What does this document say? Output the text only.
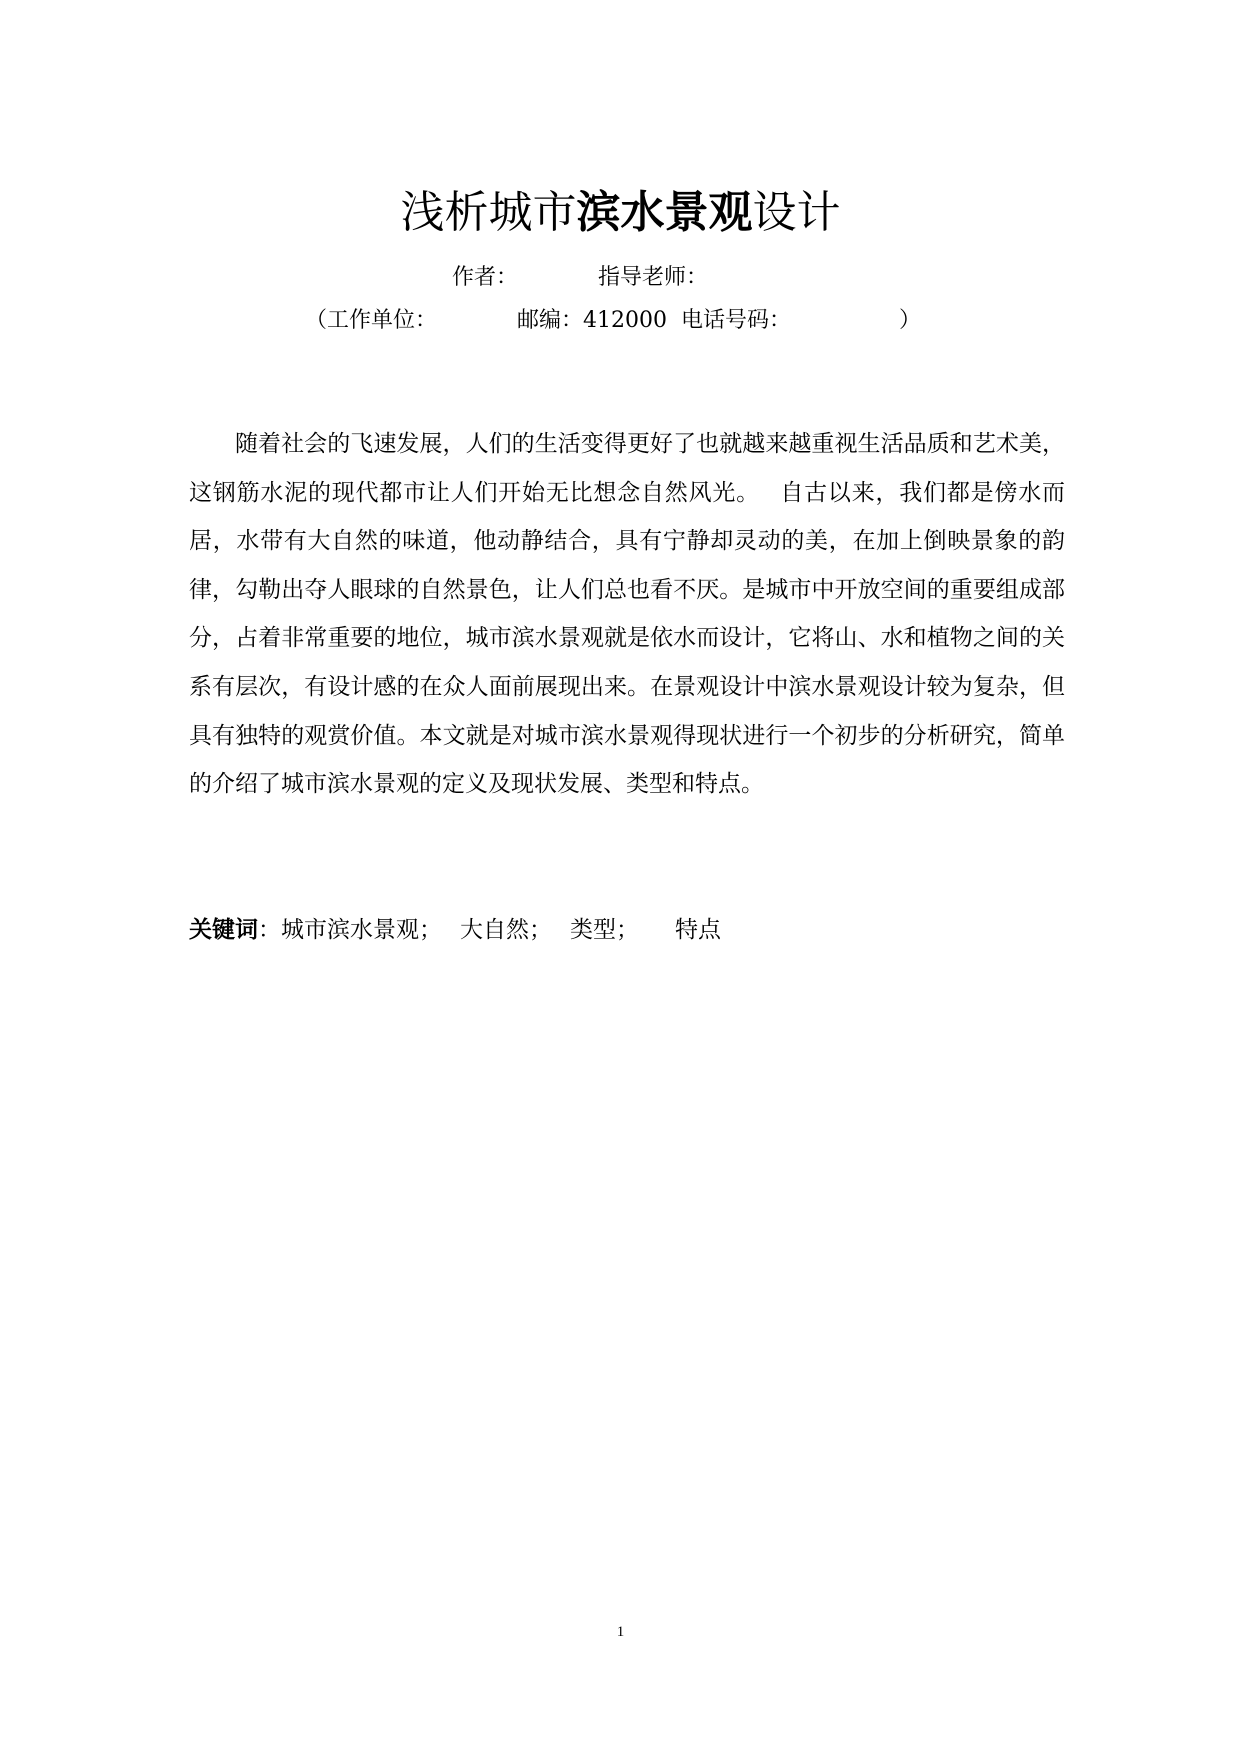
浅析城市滨水景观设计
作者：	指导老师：
（工作单位：	邮编：412000 电话号码：	）

随着社会的飞速发展，人们的生活变得更好了也就越来越重视生活品质和艺术美，这钢筋水泥的现代都市让人们开始无比想念自然风光。　 自古以来，我们都是傍水而居，水带有大自然的味道，他动静结合，具有宁静却灵动的美，在加上倒映景象的韵律，勾勒出夺人眼球的自然景色，让人们总也看不厌。是城市中开放空间的重要组成部分，占着非常重要的地位，城市滨水景观就是依水而设计，它将山、水和植物之间的关系有层次，有设计感的在众人面前展现出来。在景观设计中滨水景观设计较为复杂，但具有独特的观赏价值。本文就是对城市滨水景观得现状进行一个初步的分析研究，简单的介绍了城市滨水景观的定义及现状发展、类型和特点。

关键词：城市滨水景观； 大自然； 类型； 特点
1
